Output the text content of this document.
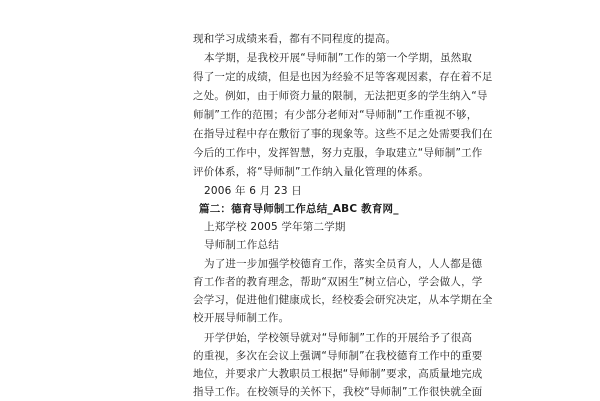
现和学习成绩来看，都有不同程度的提高。
本学期，是我校开展“导师制”工作的第一个学期，虽然取
得了一定的成绩，但是也因为经验不足等客观因素，存在着不足
之处。例如，由于师资力量的限制，无法把更多的学生纳入“导
师制”工作的范围；有少部分老师对“导师制”工作重视不够，
在指导过程中存在敷衍了事的现象等。这些不足之处需要我们在
今后的工作中，发挥智慧，努力克服，争取建立“导师制”工作
评价体系，将“导师制”工作纳入量化管理的体系。
2006 年 6 月 23 日
篇二：德育导师制工作总结_ABC 教育网_
上郑学校 2005 学年第二学期
导师制工作总结
为了进一步加强学校德育工作，落实全员育人，人人都是德
育工作者的教育理念，帮助“双困生”树立信心，学会做人，学
会学习，促进他们健康成长，经校委会研究决定，从本学期在全
校开展导师制工作。
开学伊始，学校领导就对“导师制”工作的开展给予了很高
的重视，多次在会议上强调“导师制”在我校德育工作中的重要
地位，并要求广大教职员工根据“导师制”要求，高质量地完成
指导工作。在校领导的关怀下，我校“导师制”工作很快就全面
